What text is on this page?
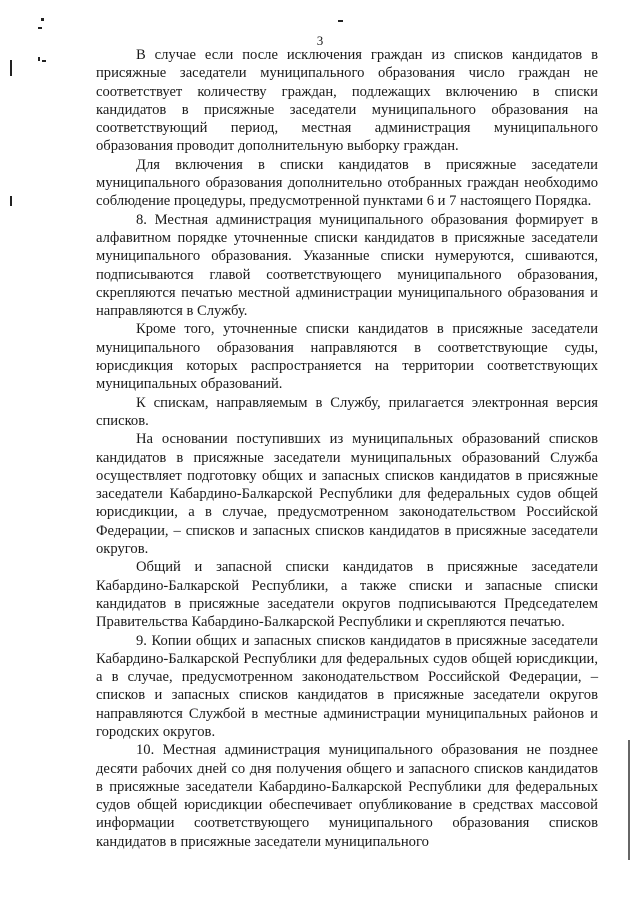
3

В случае если после исключения граждан из списков кандидатов в присяжные заседатели муниципального образования число граждан не соответствует количеству граждан, подлежащих включению в списки кандидатов в присяжные заседатели муниципального образования на соответствующий период, местная администрация муниципального образования проводит дополнительную выборку граждан.

Для включения в списки кандидатов в присяжные заседатели муниципального образования дополнительно отобранных граждан необходимо соблюдение процедуры, предусмотренной пунктами 6 и 7 настоящего Порядка.

8. Местная администрация муниципального образования формирует в алфавитном порядке уточненные списки кандидатов в присяжные заседатели муниципального образования. Указанные списки нумеруются, сшиваются, подписываются главой соответствующего муниципального образования, скрепляются печатью местной администрации муниципального образования и направляются в Службу.

Кроме того, уточненные списки кандидатов в присяжные заседатели муниципального образования направляются в соответствующие суды, юрисдикция которых распространяется на территории соответствующих муниципальных образований.

К спискам, направляемым в Службу, прилагается электронная версия списков.

На основании поступивших из муниципальных образований списков кандидатов в присяжные заседатели муниципальных образований Служба осуществляет подготовку общих и запасных списков кандидатов в присяжные заседатели Кабардино-Балкарской Республики для федеральных судов общей юрисдикции, а в случае, предусмотренном законодательством Российской Федерации, – списков и запасных списков кандидатов в присяжные заседатели округов.

Общий и запасной списки кандидатов в присяжные заседатели Кабардино-Балкарской Республики, а также списки и запасные списки кандидатов в присяжные заседатели округов подписываются Председателем Правительства Кабардино-Балкарской Республики и скрепляются печатью.

9. Копии общих и запасных списков кандидатов в присяжные заседатели Кабардино-Балкарской Республики для федеральных судов общей юрисдикции, а в случае, предусмотренном законодательством Российской Федерации, – списков и запасных списков кандидатов в присяжные заседатели округов направляются Службой в местные администрации муниципальных районов и городских округов.

10. Местная администрация муниципального образования не позднее десяти рабочих дней со дня получения общего и запасного списков кандидатов в присяжные заседатели Кабардино-Балкарской Республики для федеральных судов общей юрисдикции обеспечивает опубликование в средствах массовой информации соответствующего муниципального образования списков кандидатов в присяжные заседатели муниципального
